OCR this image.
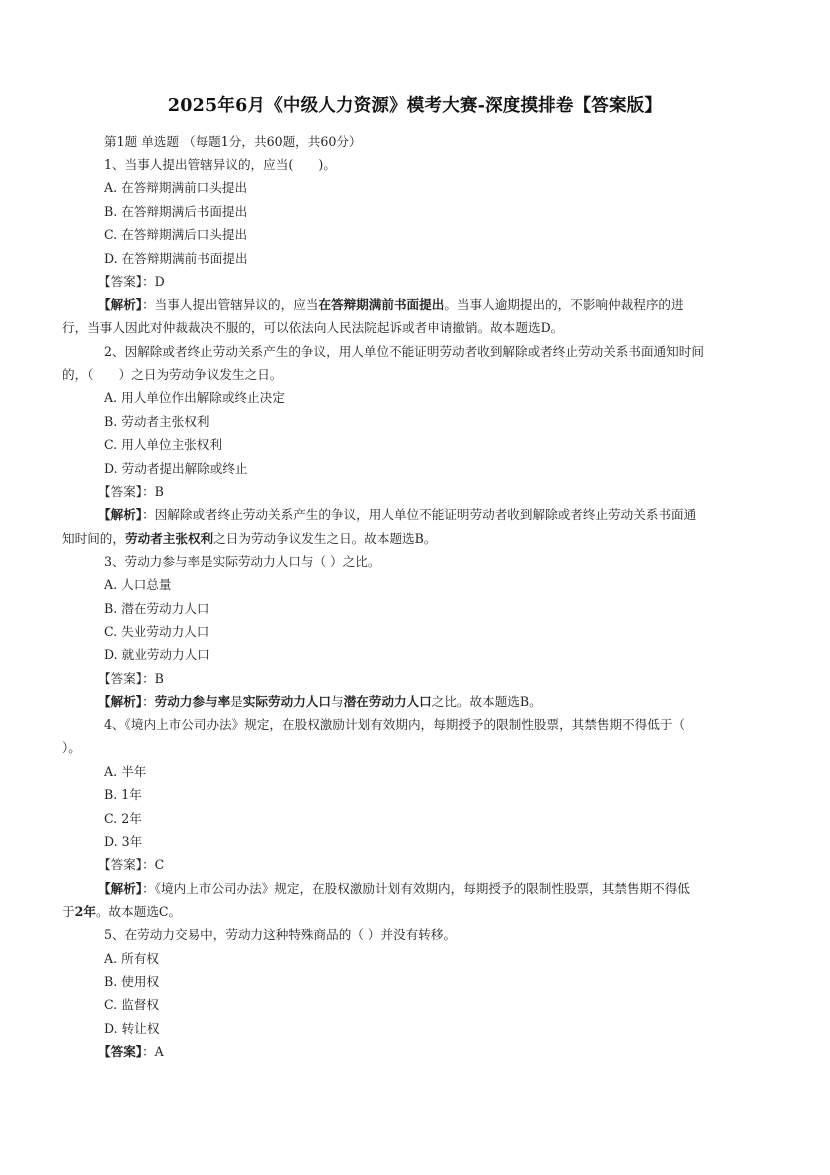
2025年6月《中级人力资源》模考大赛-深度摸排卷【答案版】
第1题 单选题 （每题1分，共60题，共60分）
1、当事人提出管辖异议的，应当(　　)。
A. 在答辩期满前口头提出
B. 在答辩期满后书面提出
C. 在答辩期满后口头提出
D. 在答辩期满前书面提出
【答案】：D
【解析】：当事人提出管辖异议的，应当在答辩期满前书面提出。当事人逾期提出的，不影响仲裁程序的进
行，当事人因此对仲裁裁决不服的，可以依法向人民法院起诉或者申请撤销。故本题选D。
2、因解除或者终止劳动关系产生的争议，用人单位不能证明劳动者收到解除或者终止劳动关系书面通知时间
的，（　　）之日为劳动争议发生之日。
A. 用人单位作出解除或终止决定
B. 劳动者主张权利
C. 用人单位主张权利
D. 劳动者提出解除或终止
【答案】：B
【解析】：因解除或者终止劳动关系产生的争议，用人单位不能证明劳动者收到解除或者终止劳动关系书面通
知时间的，劳动者主张权利之日为劳动争议发生之日。故本题选B。
3、劳动力参与率是实际劳动力人口与（ ）之比。
A. 人口总量
B. 潜在劳动力人口
C. 失业劳动力人口
D. 就业劳动力人口
【答案】：B
【解析】：劳动力参与率是实际劳动力人口与潜在劳动力人口之比。故本题选B。
4、《境内上市公司办法》规定，在股权激励计划有效期内，每期授予的限制性股票，其禁售期不得低于（
）。
A. 半年
B. 1年
C. 2年
D. 3年
【答案】：C
【解析】：《境内上市公司办法》规定，在股权激励计划有效期内，每期授予的限制性股票，其禁售期不得低
于2年。故本题选C。
5、在劳动力交易中，劳动力这种特殊商品的（ ）并没有转移。
A. 所有权
B. 使用权
C. 监督权
D. 转让权
【答案】：A
